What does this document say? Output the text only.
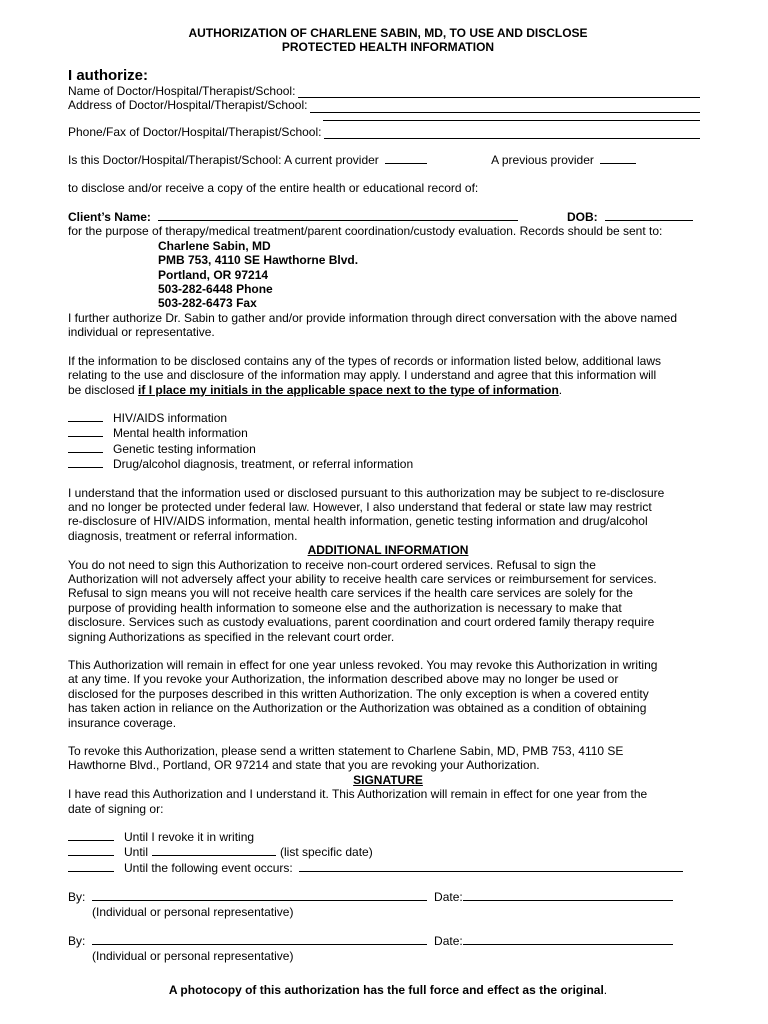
AUTHORIZATION OF CHARLENE SABIN, MD, TO USE AND DISCLOSE
PROTECTED HEALTH INFORMATION
I authorize:
Name of Doctor/Hospital/Therapist/School:
Address of Doctor/Hospital/Therapist/School:
Phone/Fax of Doctor/Hospital/Therapist/School:
Is this Doctor/Hospital/Therapist/School: A current provider	A previous provider
to disclose and/or receive a copy of the entire health or educational record of:
Client’s Name:	DOB:
for the purpose of therapy/medical treatment/parent coordination/custody evaluation. Records should be sent to:
Charlene Sabin, MD
PMB 753, 4110 SE Hawthorne Blvd.
Portland, OR 97214
503-282-6448 Phone
503-282-6473 Fax
I further authorize Dr. Sabin to gather and/or provide information through direct conversation with the above named
individual or representative.
If the information to be disclosed contains any of the types of records or information listed below, additional laws
relating to the use and disclosure of the information may apply. I understand and agree that this information will
be disclosed if I place my initials in the applicable space next to the type of information.
HIV/AIDS information
Mental health information
Genetic testing information
Drug/alcohol diagnosis, treatment, or referral information
I understand that the information used or disclosed pursuant to this authorization may be subject to re-disclosure
and no longer be protected under federal law. However, I also understand that federal or state law may restrict
re-disclosure of HIV/AIDS information, mental health information, genetic testing information and drug/alcohol
diagnosis, treatment or referral information.
ADDITIONAL INFORMATION
You do not need to sign this Authorization to receive non-court ordered services. Refusal to sign the
Authorization will not adversely affect your ability to receive health care services or reimbursement for services.
Refusal to sign means you will not receive health care services if the health care services are solely for the
purpose of providing health information to someone else and the authorization is necessary to make that
disclosure. Services such as custody evaluations, parent coordination and court ordered family therapy require
signing Authorizations as specified in the relevant court order.
This Authorization will remain in effect for one year unless revoked. You may revoke this Authorization in writing
at any time. If you revoke your Authorization, the information described above may no longer be used or
disclosed for the purposes described in this written Authorization. The only exception is when a covered entity
has taken action in reliance on the Authorization or the Authorization was obtained as a condition of obtaining
insurance coverage.
To revoke this Authorization, please send a written statement to Charlene Sabin, MD, PMB 753, 4110 SE
Hawthorne Blvd., Portland, OR 97214 and state that you are revoking your Authorization.
SIGNATURE
I have read this Authorization and I understand it. This Authorization will remain in effect for one year from the
date of signing or:
Until I revoke it in writing
Until	(list specific date)
Until the following event occurs:
By:	Date:
(Individual or personal representative)
By:	Date:
(Individual or personal representative)
A photocopy of this authorization has the full force and effect as the original.
